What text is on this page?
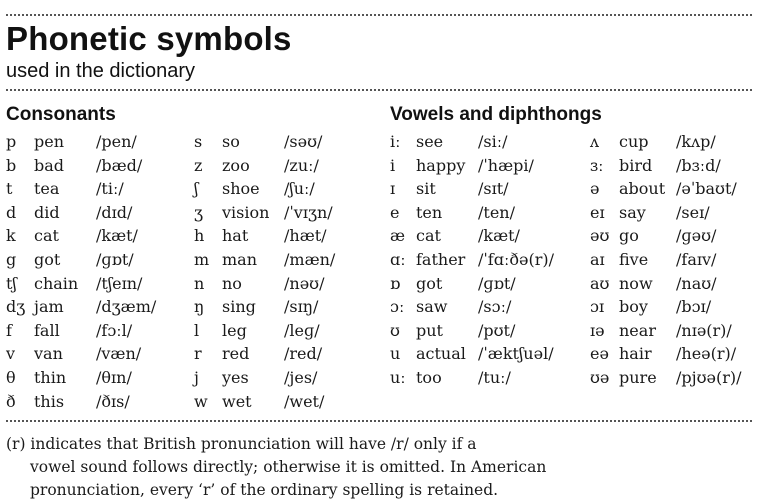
Phonetic symbols
used in the dictionary
Consonants	Vowels and diphthongs
p pen /pen/
b bad /bæd/
t tea /tiː/
d did /dɪd/
k cat /kæt/
g got /ɡɒt/
tʃ chain /tʃeɪn/
dʒ jam /dʒæm/
f fall /fɔːl/
v van /væn/
θ thin /θɪn/
ð this /ðɪs/
s so	/səʊ/
z zoo /zuː/
ʃ shoe /ʃuː/
ʒ vision /ˈvɪʒn/
h hat /hæt/
m man /mæn/
n no	/nəʊ/
ŋ sing /sɪŋ/
l leg /leɡ/
r red /red/
j yes /jes/
w wet /wet/
iː see /siː/
i happy /ˈhæpi/
ɪ sit	/sɪt/
e ten /ten/
æ cat /kæt/
ɑː father /ˈfɑːðə(r)/
ɒ got /ɡɒt/
ɔː saw /sɔː/
ʊ put /pʊt/
u actual /ˈæktʃuəl/
uː too /tuː/
ʌ cup /kʌp/
ɜː bird /bɜːd/
ə about /əˈbaʊt/
eɪ say /seɪ/
əʊ go /ɡəʊ/
aɪ five /faɪv/
aʊ now /naʊ/
ɔɪ boy /bɔɪ/
ɪə near /nɪə(r)/
eə hair /heə(r)/
ʊə pure /pjʊə(r)/
(r) indicates that British pronunciation will have /r/ only if a
vowel sound follows directly; otherwise it is omitted. In American
pronunciation, every ‘r’ of the ordinary spelling is retained.
